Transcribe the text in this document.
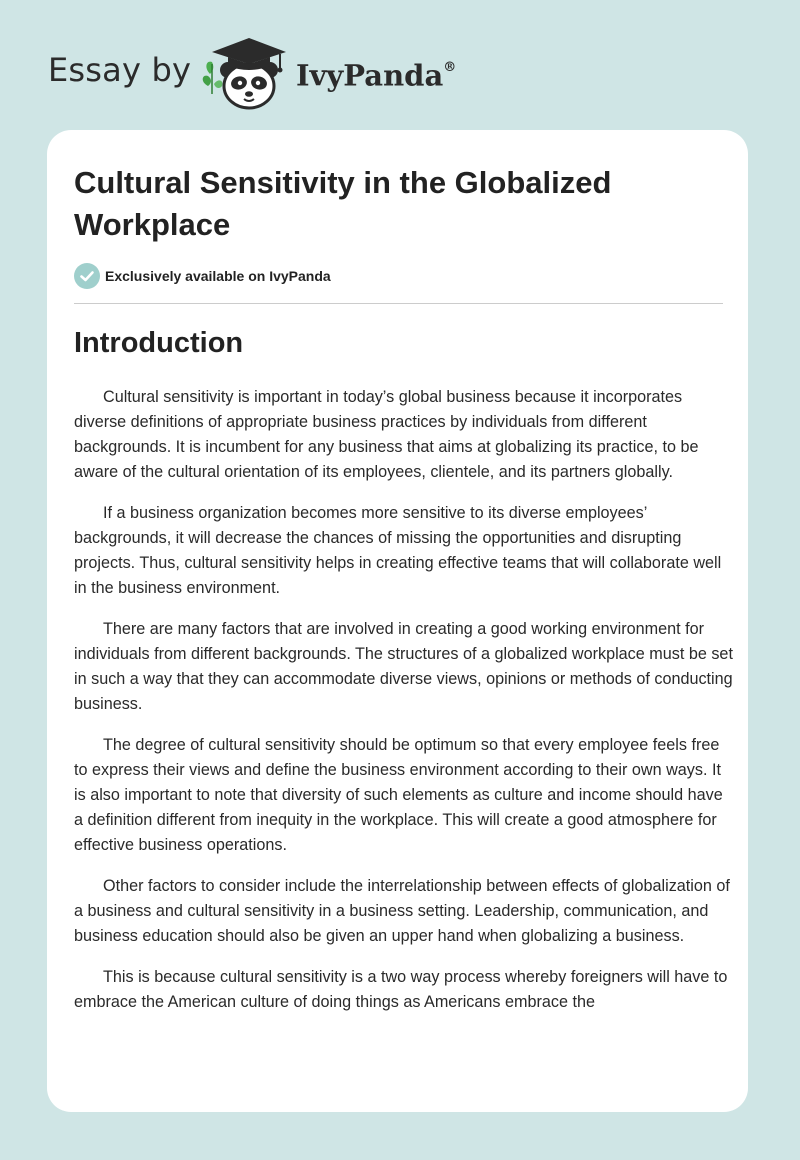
Essay by	IvyPanda®
Cultural Sensitivity in the Globalized Workplace
Exclusively available on IvyPanda
Introduction

Cultural sensitivity is important in today’s global business because it incorporates diverse definitions of appropriate business practices by individuals from different backgrounds. It is incumbent for any business that aims at globalizing its practice, to be aware of the cultural orientation of its employees, clientele, and its partners globally.

If a business organization becomes more sensitive to its diverse employees’ backgrounds, it will decrease the chances of missing the opportunities and disrupting projects. Thus, cultural sensitivity helps in creating effective teams that will collaborate well in the business environment.

There are many factors that are involved in creating a good working environment for individuals from different backgrounds. The structures of a globalized workplace must be set in such a way that they can accommodate diverse views, opinions or methods of conducting business.

The degree of cultural sensitivity should be optimum so that every employee feels free to express their views and define the business environment according to their own ways. It is also important to note that diversity of such elements as culture and income should have a definition different from inequity in the workplace. This will create a good atmosphere for effective business operations.

Other factors to consider include the interrelationship between effects of globalization of a business and cultural sensitivity in a business setting. Leadership, communication, and business education should also be given an upper hand when globalizing a business.

This is because cultural sensitivity is a two way process whereby foreigners will have to embrace the American culture of doing things as Americans embrace the
